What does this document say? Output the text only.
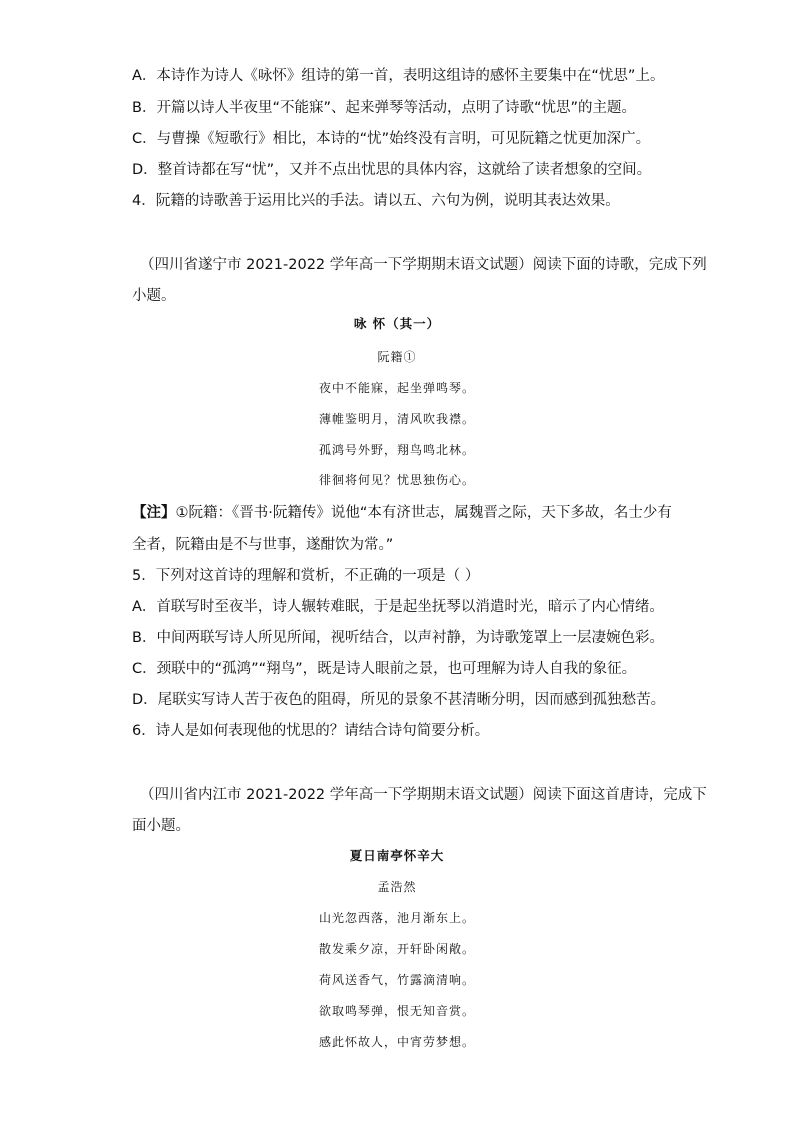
A．本诗作为诗人《咏怀》组诗的第一首，表明这组诗的感怀主要集中在“忧思”上。
B．开篇以诗人半夜里“不能寐”、起来弹琴等活动，点明了诗歌“忧思”的主题。
C．与曹操《短歌行》相比，本诗的“忧”始终没有言明，可见阮籍之忧更加深广。
D．整首诗都在写“忧”，又并不点出忧思的具体内容，这就给了读者想象的空间。
4．阮籍的诗歌善于运用比兴的手法。请以五、六句为例，说明其表达效果。
（四川省遂宁市 2021-2022 学年高一下学期期末语文试题）阅读下面的诗歌，完成下列
小题。
咏 怀（其一）
阮籍①
夜中不能寐，起坐弹鸣琴。
薄帷鉴明月，清风吹我襟。
孤鸿号外野，翔鸟鸣北林。
徘徊将何见？忧思独伤心。
【注】①阮籍：《晋书·阮籍传》说他“本有济世志，属魏晋之际，天下多故，名士少有
全者，阮籍由是不与世事，遂酣饮为常。”
5．下列对这首诗的理解和赏析，不正确的一项是（ ）
A．首联写时至夜半，诗人辗转难眠，于是起坐抚琴以消遣时光，暗示了内心情绪。
B．中间两联写诗人所见所闻，视听结合，以声衬静，为诗歌笼罩上一层凄婉色彩。
C．颈联中的“孤鸿”“翔鸟”，既是诗人眼前之景，也可理解为诗人自我的象征。
D．尾联实写诗人苦于夜色的阻碍，所见的景象不甚清晰分明，因而感到孤独愁苦。
6．诗人是如何表现他的忧思的？请结合诗句简要分析。
（四川省内江市 2021-2022 学年高一下学期期末语文试题）阅读下面这首唐诗，完成下
面小题。
夏日南亭怀辛大
孟浩然
山光忽西落，池月渐东上。
散发乘夕凉，开轩卧闲敞。
荷风送香气，竹露滴清响。
欲取鸣琴弹，恨无知音赏。
感此怀故人，中宵劳梦想。
